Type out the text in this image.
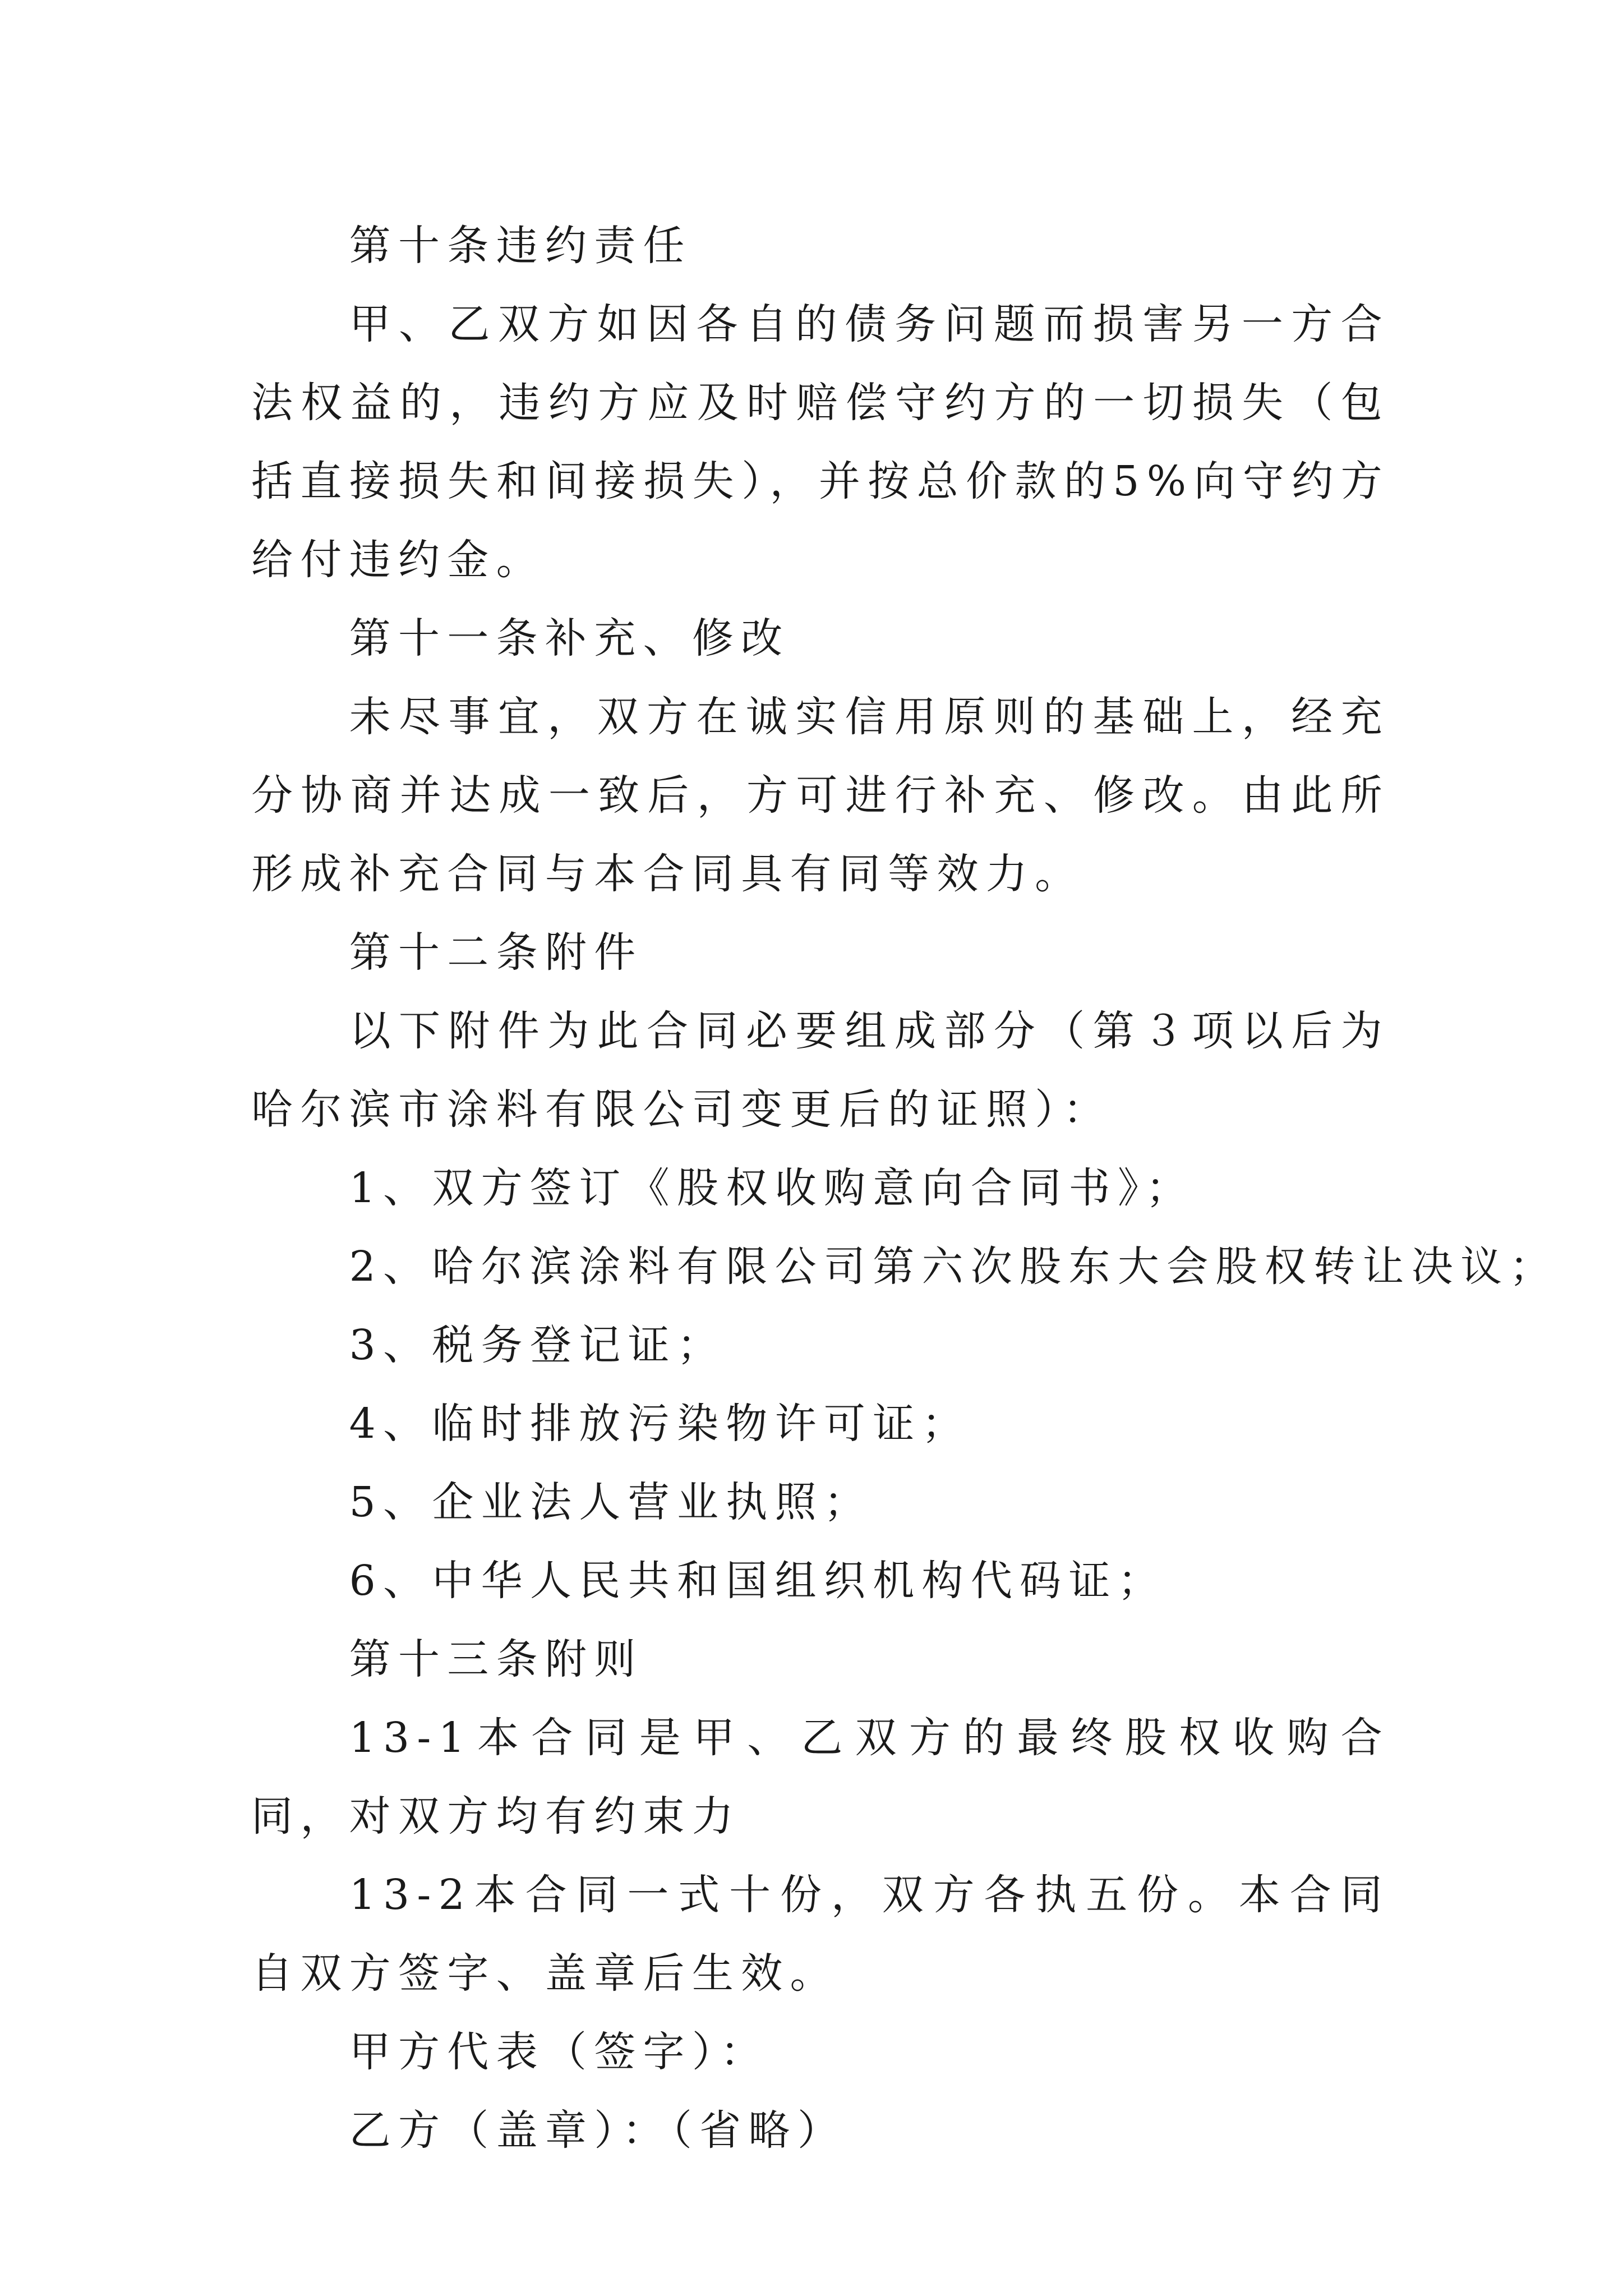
第十条违约责任

甲、乙双方如因各自的债务问题而损害另一方合法权益的，违约方应及时赔偿守约方的一切损失（包括直接损失和间接损失），并按总价款的5%向守约方给付违约金。

第十一条补充、修改

未尽事宜，双方在诚实信用原则的基础上，经充分协商并达成一致后，方可进行补充、修改。由此所形成补充合同与本合同具有同等效力。

第十二条附件

以下附件为此合同必要组成部分（第３项以后为哈尔滨市涂料有限公司变更后的证照）：

1、双方签订《股权收购意向合同书》；

2、哈尔滨涂料有限公司第六次股东大会股权转让决议；

3、税务登记证；

4、临时排放污染物许可证；

5、企业法人营业执照；

6、中华人民共和国组织机构代码证；

第十三条附则

13-1本合同是甲、乙双方的最终股权收购合同，对双方均有约束力

13-2本合同一式十份，双方各执五份。本合同自双方签字、盖章后生效。

甲方代表（签字）：

乙方（盖章）：（省略）
